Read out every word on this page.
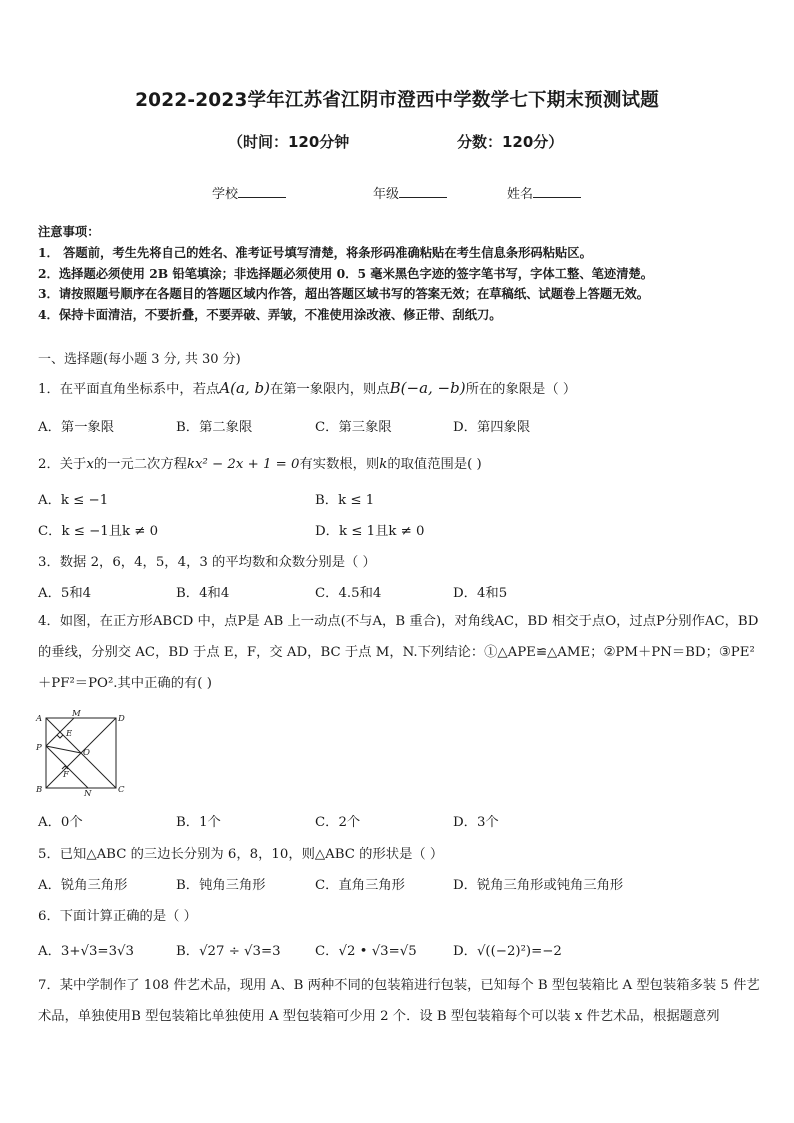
2022-2023学年江苏省江阴市澄西中学数学七下期末预测试题
（时间：120分钟	分数：120分）
学校	年级	姓名
注意事项：
1． 答题前，考生先将自己的姓名、准考证号填写清楚，将条形码准确粘贴在考生信息条形码粘贴区。
2．选择题必须使用 2B 铅笔填涂；非选择题必须使用 0．5 毫米黑色字迹的签字笔书写，字体工整、笔迹清楚。
3．请按照题号顺序在各题目的答题区域内作答，超出答题区域书写的答案无效；在草稿纸、试题卷上答题无效。
4．保持卡面清洁，不要折叠，不要弄破、弄皱，不准使用涂改液、修正带、刮纸刀。
一、选择题(每小题 3 分, 共 30 分)
1．在平面直角坐标系中，若点A(a, b)在第一象限内，则点B(−a, −b)所在的象限是（ ）
A．第一象限	B．第二象限	C．第三象限	D．第四象限
2．关于x的一元二次方程kx² − 2x + 1 = 0有实数根，则k的取值范围是( )
A．k ≤ −1	B．k ≤ 1
C．k ≤ −1且k ≠ 0	D．k ≤ 1且k ≠ 0
3．数据 2，6，4，5，4，3 的平均数和众数分别是（ ）
A．5和4	B．4和4	C．4.5和4	D．4和5
4．如图，在正方形ABCD 中，点P是 AB 上一动点(不与A，B 重合)，对角线AC，BD 相交于点O，过点P分别作AC，BD 的垂线，分别交 AC，BD 于点 E，F，交 AD，BC 于点 M，N.下列结论：①△APE≌△AME；②PM＋PN＝BD；③PE²＋PF²＝PO².其中正确的有( )
A	M	D
E
P	O
F
B	N	C
A．0个	B．1个	C．2个	D．3个
5．已知△ABC 的三边长分别为 6，8，10，则△ABC 的形状是（ ）
A．锐角三角形	B．钝角三角形	C．直角三角形	D．锐角三角形或钝角三角形
6．下面计算正确的是（ ）
A．3+√3=3√3	B．√27 ÷ √3=3	C．√2 • √3=√5	D．√((−2)²)=−2
7．某中学制作了 108 件艺术品，现用 A、B 两种不同的包装箱进行包装，已知每个 B 型包装箱比 A 型包装箱多装 5 件艺术品，单独使用B 型包装箱比单独使用 A 型包装箱可少用 2 个．设 B 型包装箱每个可以装 x 件艺术品，根据题意列
